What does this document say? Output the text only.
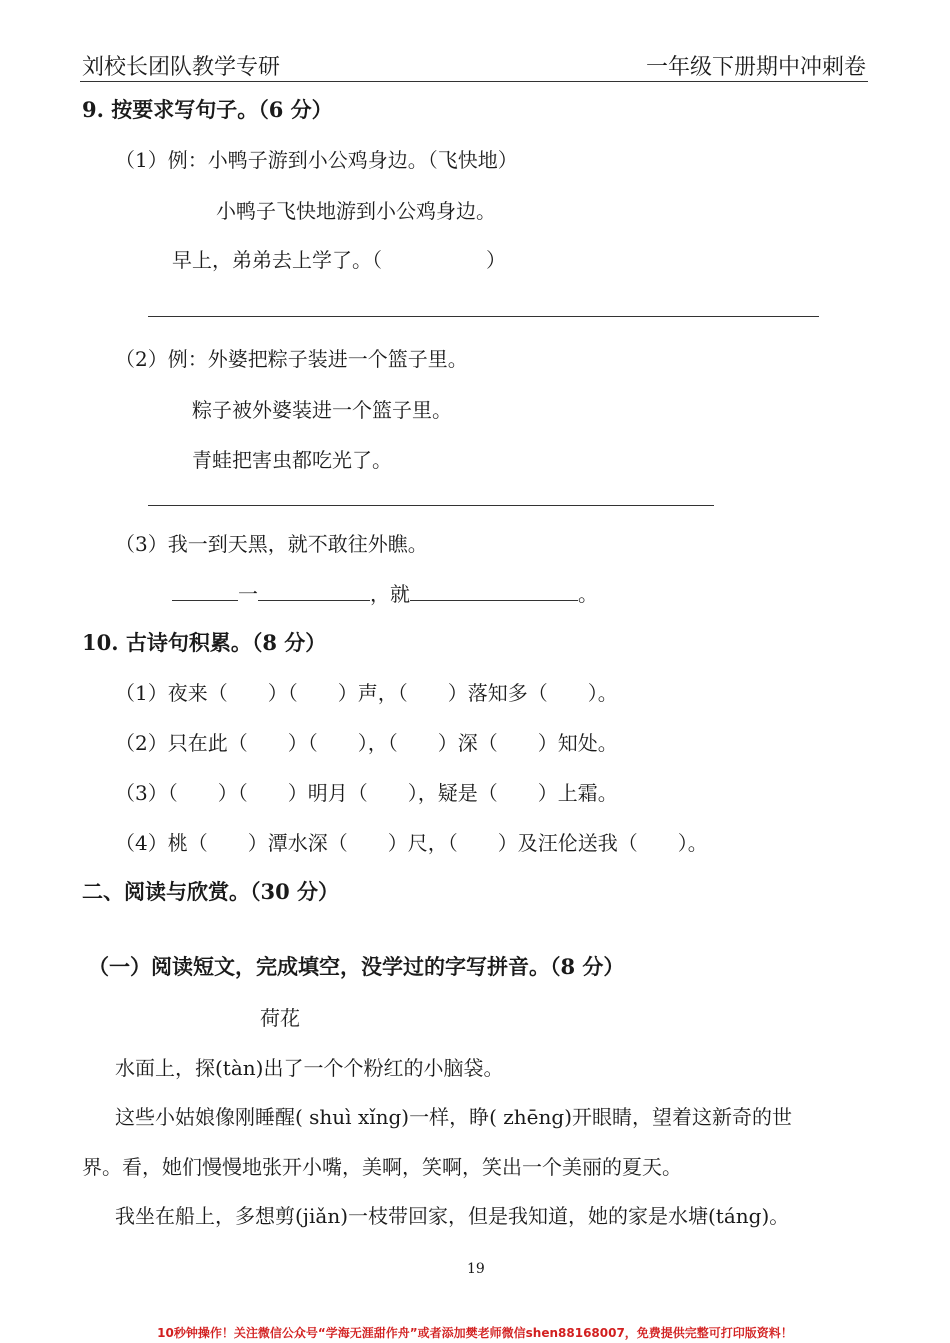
刘校长团队教学专研	一年级下册期中冲刺卷
9. 按要求写句子。（6 分）
（1）例：小鸭子游到小公鸡身边。（飞快地）
小鸭子飞快地游到小公鸡身边。
早上，弟弟去上学了。（	）
（2）例：外婆把粽子装进一个篮子里。
粽子被外婆装进一个篮子里。
青蛙把害虫都吃光了。
（3）我一到天黑，就不敢往外瞧。
一	，就	。
10. 古诗句积累。（8 分）
（1）夜来（　　）（　　）声，（　　）落知多（　　）。
（2）只在此（　　）（　　），（　　）深（　　）知处。
（3）（　　）（　　）明月（　　），疑是（　　）上霜。
（4）桃（　　）潭水深（　　）尺，（　　）及汪伦送我（　　）。
二、阅读与欣赏。（30 分）
（一）阅读短文，完成填空，没学过的字写拼音。（8 分）
荷花
水面上，探(tàn)出了一个个粉红的小脑袋。
这些小姑娘像刚睡醒( shuì xǐng)一样，睁( zhēng)开眼睛，望着这新奇的世
界。看，她们慢慢地张开小嘴，美啊，笑啊，笑出一个美丽的夏天。
我坐在船上，多想剪(jiǎn)一枝带回家，但是我知道，她的家是水塘(táng)。
19
10秒钟操作！关注微信公众号“学海无涯甜作舟”或者添加樊老师微信shen88168007，免费提供完整可打印版资料！
